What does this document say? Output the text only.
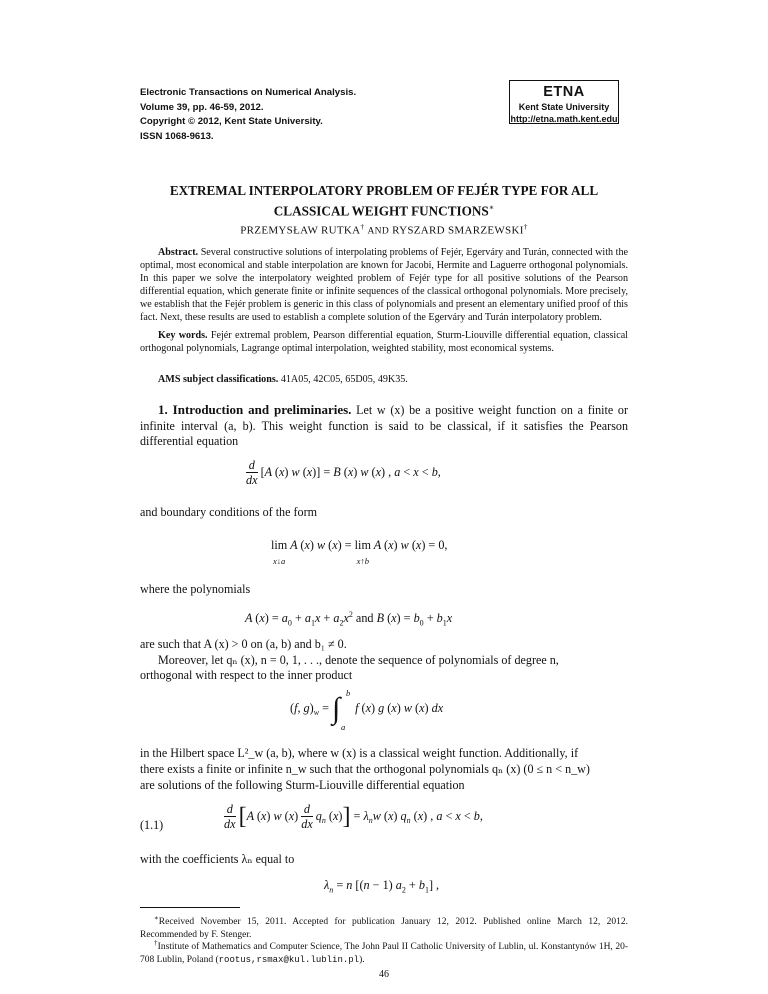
Electronic Transactions on Numerical Analysis.
Volume 39, pp. 46-59, 2012.
Copyright © 2012, Kent State University.
ISSN 1068-9613.
ETNA
Kent State University
http://etna.math.kent.edu
EXTREMAL INTERPOLATORY PROBLEM OF FEJÉR TYPE FOR ALL
CLASSICAL WEIGHT FUNCTIONS∗
PRZEMYSŁAW RUTKA† AND RYSZARD SMARZEWSKI†
Abstract. Several constructive solutions of interpolating problems of Fejér, Egerváry and Turán, connected with the optimal, most economical and stable interpolation are known for Jacobi, Hermite and Laguerre orthogonal polynomials. In this paper we solve the interpolatory weighted problem of Fejér type for all positive solutions of the Pearson differential equation, which generate finite or infinite sequences of the classical orthogonal polynomials. More precisely, we establish that the Fejér problem is generic in this class of polynomials and present an elementary unified proof of this fact. Next, these results are used to establish a complete solution of the Egerváry and Turán interpolatory problem.
Key words. Fejér extremal problem, Pearson differential equation, Sturm-Liouville differential equation, classical orthogonal polynomials, Lagrange optimal interpolation, weighted stability, most economical systems.
AMS subject classifications. 41A05, 42C05, 65D05, 49K35.
1. Introduction and preliminaries. Let w (x) be a positive weight function on a finite or infinite interval (a, b). This weight function is said to be classical, if it satisfies the Pearson differential equation
$\frac{d}{dx} [A$ (x) w (x)] = B (x) w (x) , a < x < b,
and boundary conditions of the form
lim
x↓a A (x) w (x) = lim
x↑b A (x) w (x) = 0,
where the polynomials
A $(x) = a_0 + a_1x + a_2x^2$ and B $(x) = b_0 + b_1x$
are such that A (x) > 0 on (a, b) and b₁ ≠ 0.
Moreover, let qₙ (x), n = 0, 1, . . ., denote the sequence of polynomials of degree n,
orthogonal with respect to the inner product
(f, $g)_w$ = ∫ b
a
f (x) g (x) w (x) dx
in the Hilbert space L²_w (a, b), where w (x) is a classical weight function. Additionally, if
there exists a finite or infinite n_w such that the orthogonal polynomials qₙ (x) (0 ≤ n < n_w)
are solutions of the following Sturm-Liouville differential equation
(1.1)	$\frac{d}{dx} [A$ (x) w $(x) \frac{d}{dx} q_n$ $(x)] = \lambda_nw$ (x) $q_n$ (x) , a < x < b,
with the coefficients λₙ equal to
$\lambda_n = n$ [(n − 1) $a_2 + b_1$] ,
∗Received November 15, 2011. Accepted for publication January 12, 2012. Published online March 12, 2012. Recommended by F. Stenger.
†Institute of Mathematics and Computer Science, The John Paul II Catholic University of Lublin, ul. Konstantynów 1H, 20-708 Lublin, Poland (rootus,rsmax@kul.lublin.pl).
46
